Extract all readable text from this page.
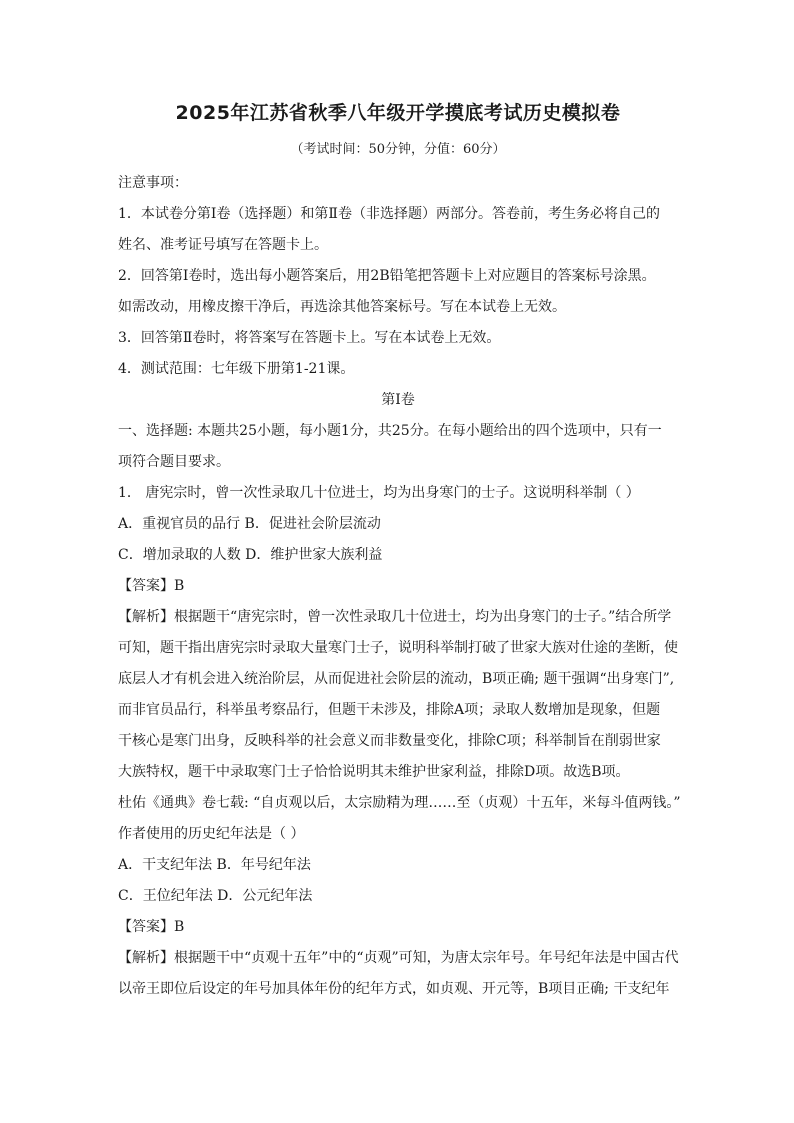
2025年江苏省秋季八年级开学摸底考试历史模拟卷
（考试时间：50分钟，分值：60分）
注意事项：
1．本试卷分第Ⅰ卷（选择题）和第Ⅱ卷（非选择题）两部分。答卷前，考生务必将自己的
姓名、准考证号填写在答题卡上。
2．回答第Ⅰ卷时，选出每小题答案后，用2B铅笔把答题卡上对应题目的答案标号涂黑。
如需改动，用橡皮擦干净后，再选涂其他答案标号。写在本试卷上无效。
3．回答第Ⅱ卷时，将答案写在答题卡上。写在本试卷上无效。
4．测试范围：七年级下册第1-21课。
第Ⅰ卷
一、选择题: 本题共25小题，每小题1分，共25分。在每小题给出的四个选项中，只有一
项符合题目要求。
1． 唐宪宗时，曾一次性录取几十位进士，均为出身寒门的士子。这说明科举制（ ）
A．重视官员的品行 B．促进社会阶层流动
C．增加录取的人数 D．维护世家大族利益
【答案】B
【解析】根据题干“唐宪宗时，曾一次性录取几十位进士，均为出身寒门的士子。”结合所学
可知，题干指出唐宪宗时录取大量寒门士子，说明科举制打破了世家大族对仕途的垄断，使
底层人才有机会进入统治阶层，从而促进社会阶层的流动，B项正确; 题干强调“出身寒门”,
而非官员品行，科举虽考察品行，但题干未涉及，排除A项；录取人数增加是现象，但题
干核心是寒门出身，反映科举的社会意义而非数量变化，排除C项；科举制旨在削弱世家
大族特权，题干中录取寒门士子恰恰说明其未维护世家利益，排除D项。故选B项。
杜佑《通典》卷七载: “自贞观以后，太宗励精为理……至（贞观）十五年，米每斗值两钱。”
作者使用的历史纪年法是（ ）
A．干支纪年法 B．年号纪年法
C．王位纪年法 D．公元纪年法
【答案】B
【解析】根据题干中“贞观十五年”中的“贞观”可知，为唐太宗年号。年号纪年法是中国古代
以帝王即位后设定的年号加具体年份的纪年方式，如贞观、开元等，B项目正确; 干支纪年
